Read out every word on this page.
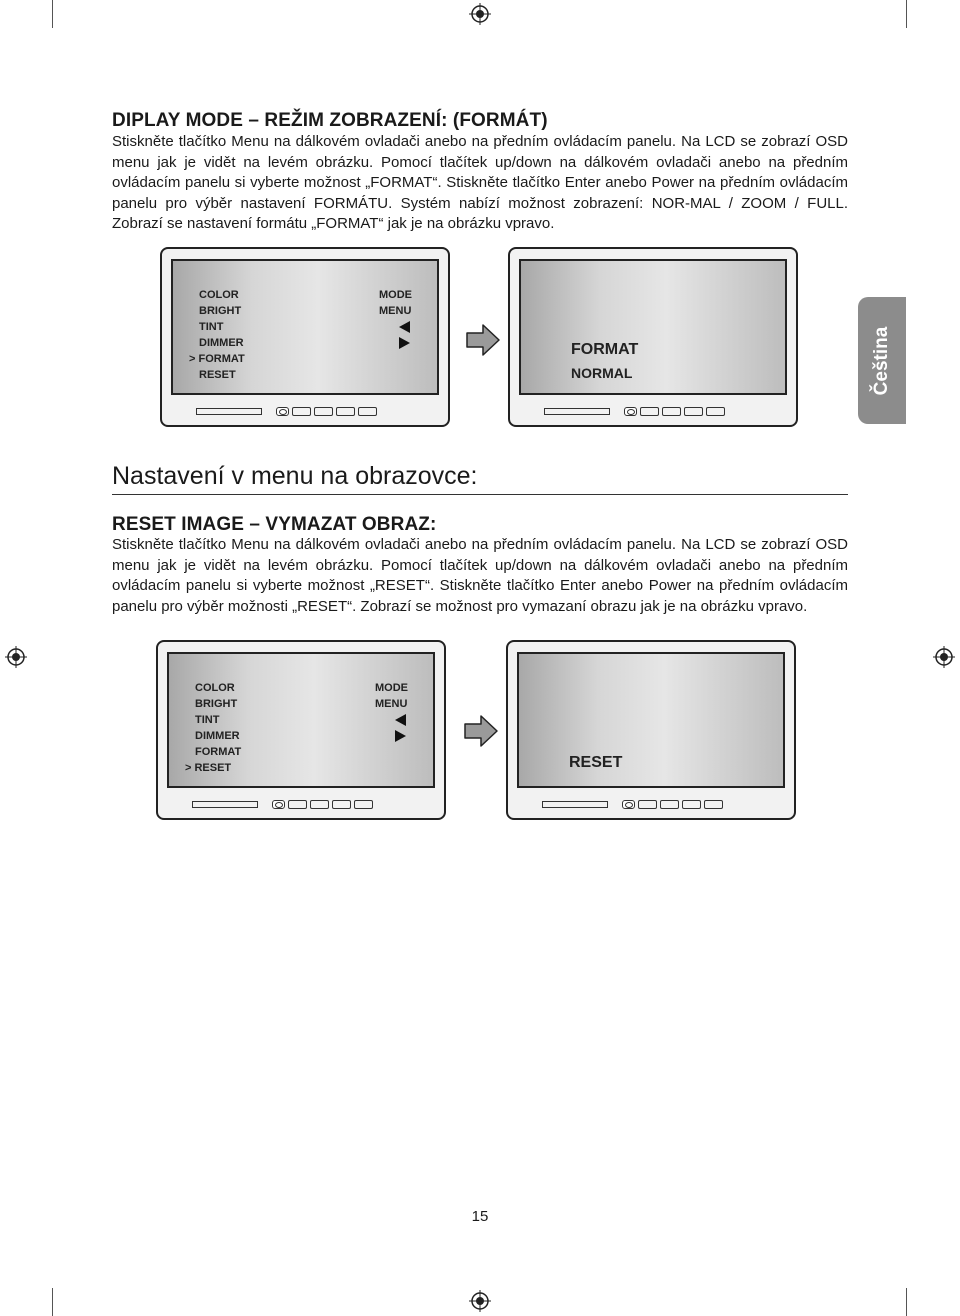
DIPLAY MODE – REŽIM ZOBRAZENÍ: (FORMÁT)

Stiskněte tlačítko Menu na dálkovém ovladači anebo na předním ovládacím panelu. Na LCD se zobrazí OSD menu jak je vidět na levém obrázku. Pomocí tlačítek up/down na dálkovém ovladači anebo na předním ovládacím panelu si vyberte možnost „FORMAT“. Stiskněte tlačítko Enter anebo Power na předním ovládacím panelu pro výběr nastavení FORMÁTU. Systém nabízí možnost zobrazení: NOR-MAL / ZOOM / FULL. Zobrazí se nastavení formátu „FORMAT“ jak je na obrázku vpravo.

COLOR
BRIGHT
TINT
DIMMER
> FORMAT
RESET
MODE
MENU
FORMAT
NORMAL	Čeština
Nastavení v menu na obrazovce:
RESET IMAGE – VYMAZAT OBRAZ:

Stiskněte tlačítko Menu na dálkovém ovladači anebo na předním ovládacím panelu. Na LCD se zobrazí OSD menu jak je vidět na levém obrázku. Pomocí tlačítek up/down na dálkovém ovladači anebo na předním ovládacím panelu si vyberte možnost „RESET“. Stiskněte tlačítko Enter anebo Power na předním ovládacím panelu pro výběr možnosti „RESET“. Zobrazí se možnost pro vymazaní obrazu jak je na obrázku vpravo.

COLOR
BRIGHT
TINT
DIMMER
FORMAT
> RESET
MODE
MENU
RESET
15
